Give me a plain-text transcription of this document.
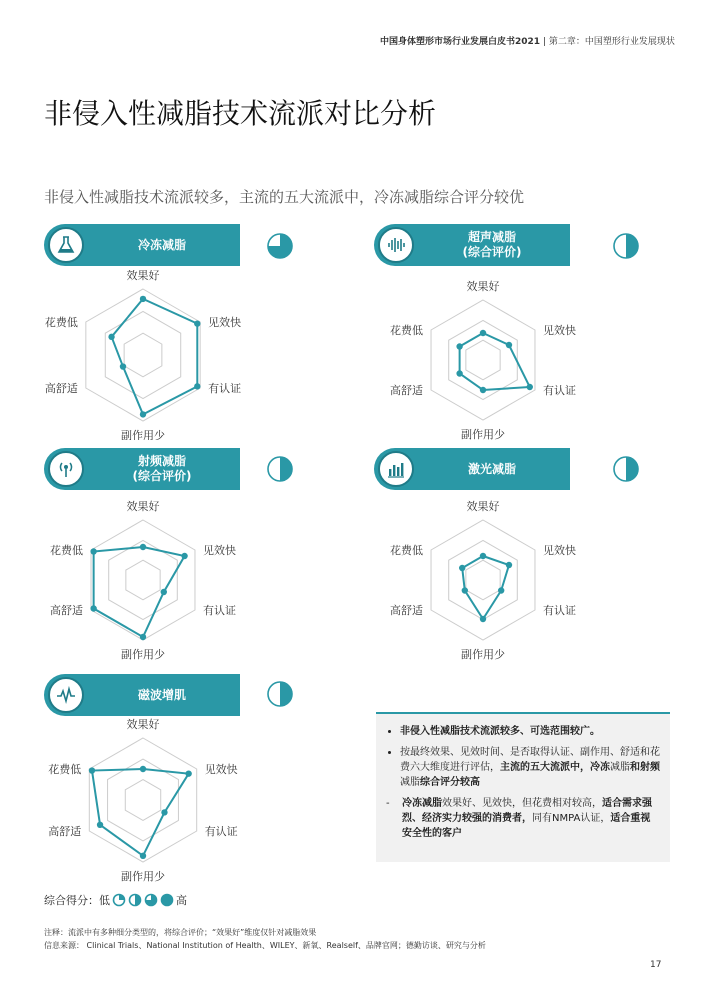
中国身体塑形市场行业发展白皮书2021 | 第二章：中国塑形行业发展现状
非侵入性减脂技术流派对比分析
非侵入性减脂技术流派较多，主流的五大流派中，冷冻减脂综合评分较优
冷冻减脂
超声减脂
(综合评价)
射频减脂
(综合评价)
激光减脂
磁波增肌
效果好
见效快
有认证
副作用少
高舒适
花费低
效果好
见效快
有认证
副作用少
高舒适
花费低
效果好
见效快
有认证
副作用少
高舒适
花费低
效果好
见效快
有认证
副作用少
高舒适
花费低
效果好
见效快
有认证
副作用少
高舒适
花费低
• 非侵入性减脂技术流派较多、可选范围较广。
• 按最终效果、见效时间、是否取得认证、副作用、舒适和花费六大维度进行评估，主流的五大流派中，冷冻减脂和射频减脂综合评分较高
- 冷冻减脂效果好、见效快，但花费相对较高，适合需求强烈、经济实力较强的消费者，同有NMPA认证，适合重视安全性的客户
综合得分：低	高
注释：流派中有多种细分类型的，将综合评价；“效果好”维度仅针对减脂效果
信息来源： Clinical Trials、National Institution of Health、WILEY、新氧、Realself、品牌官网；德勤访谈、研究与分析
17
